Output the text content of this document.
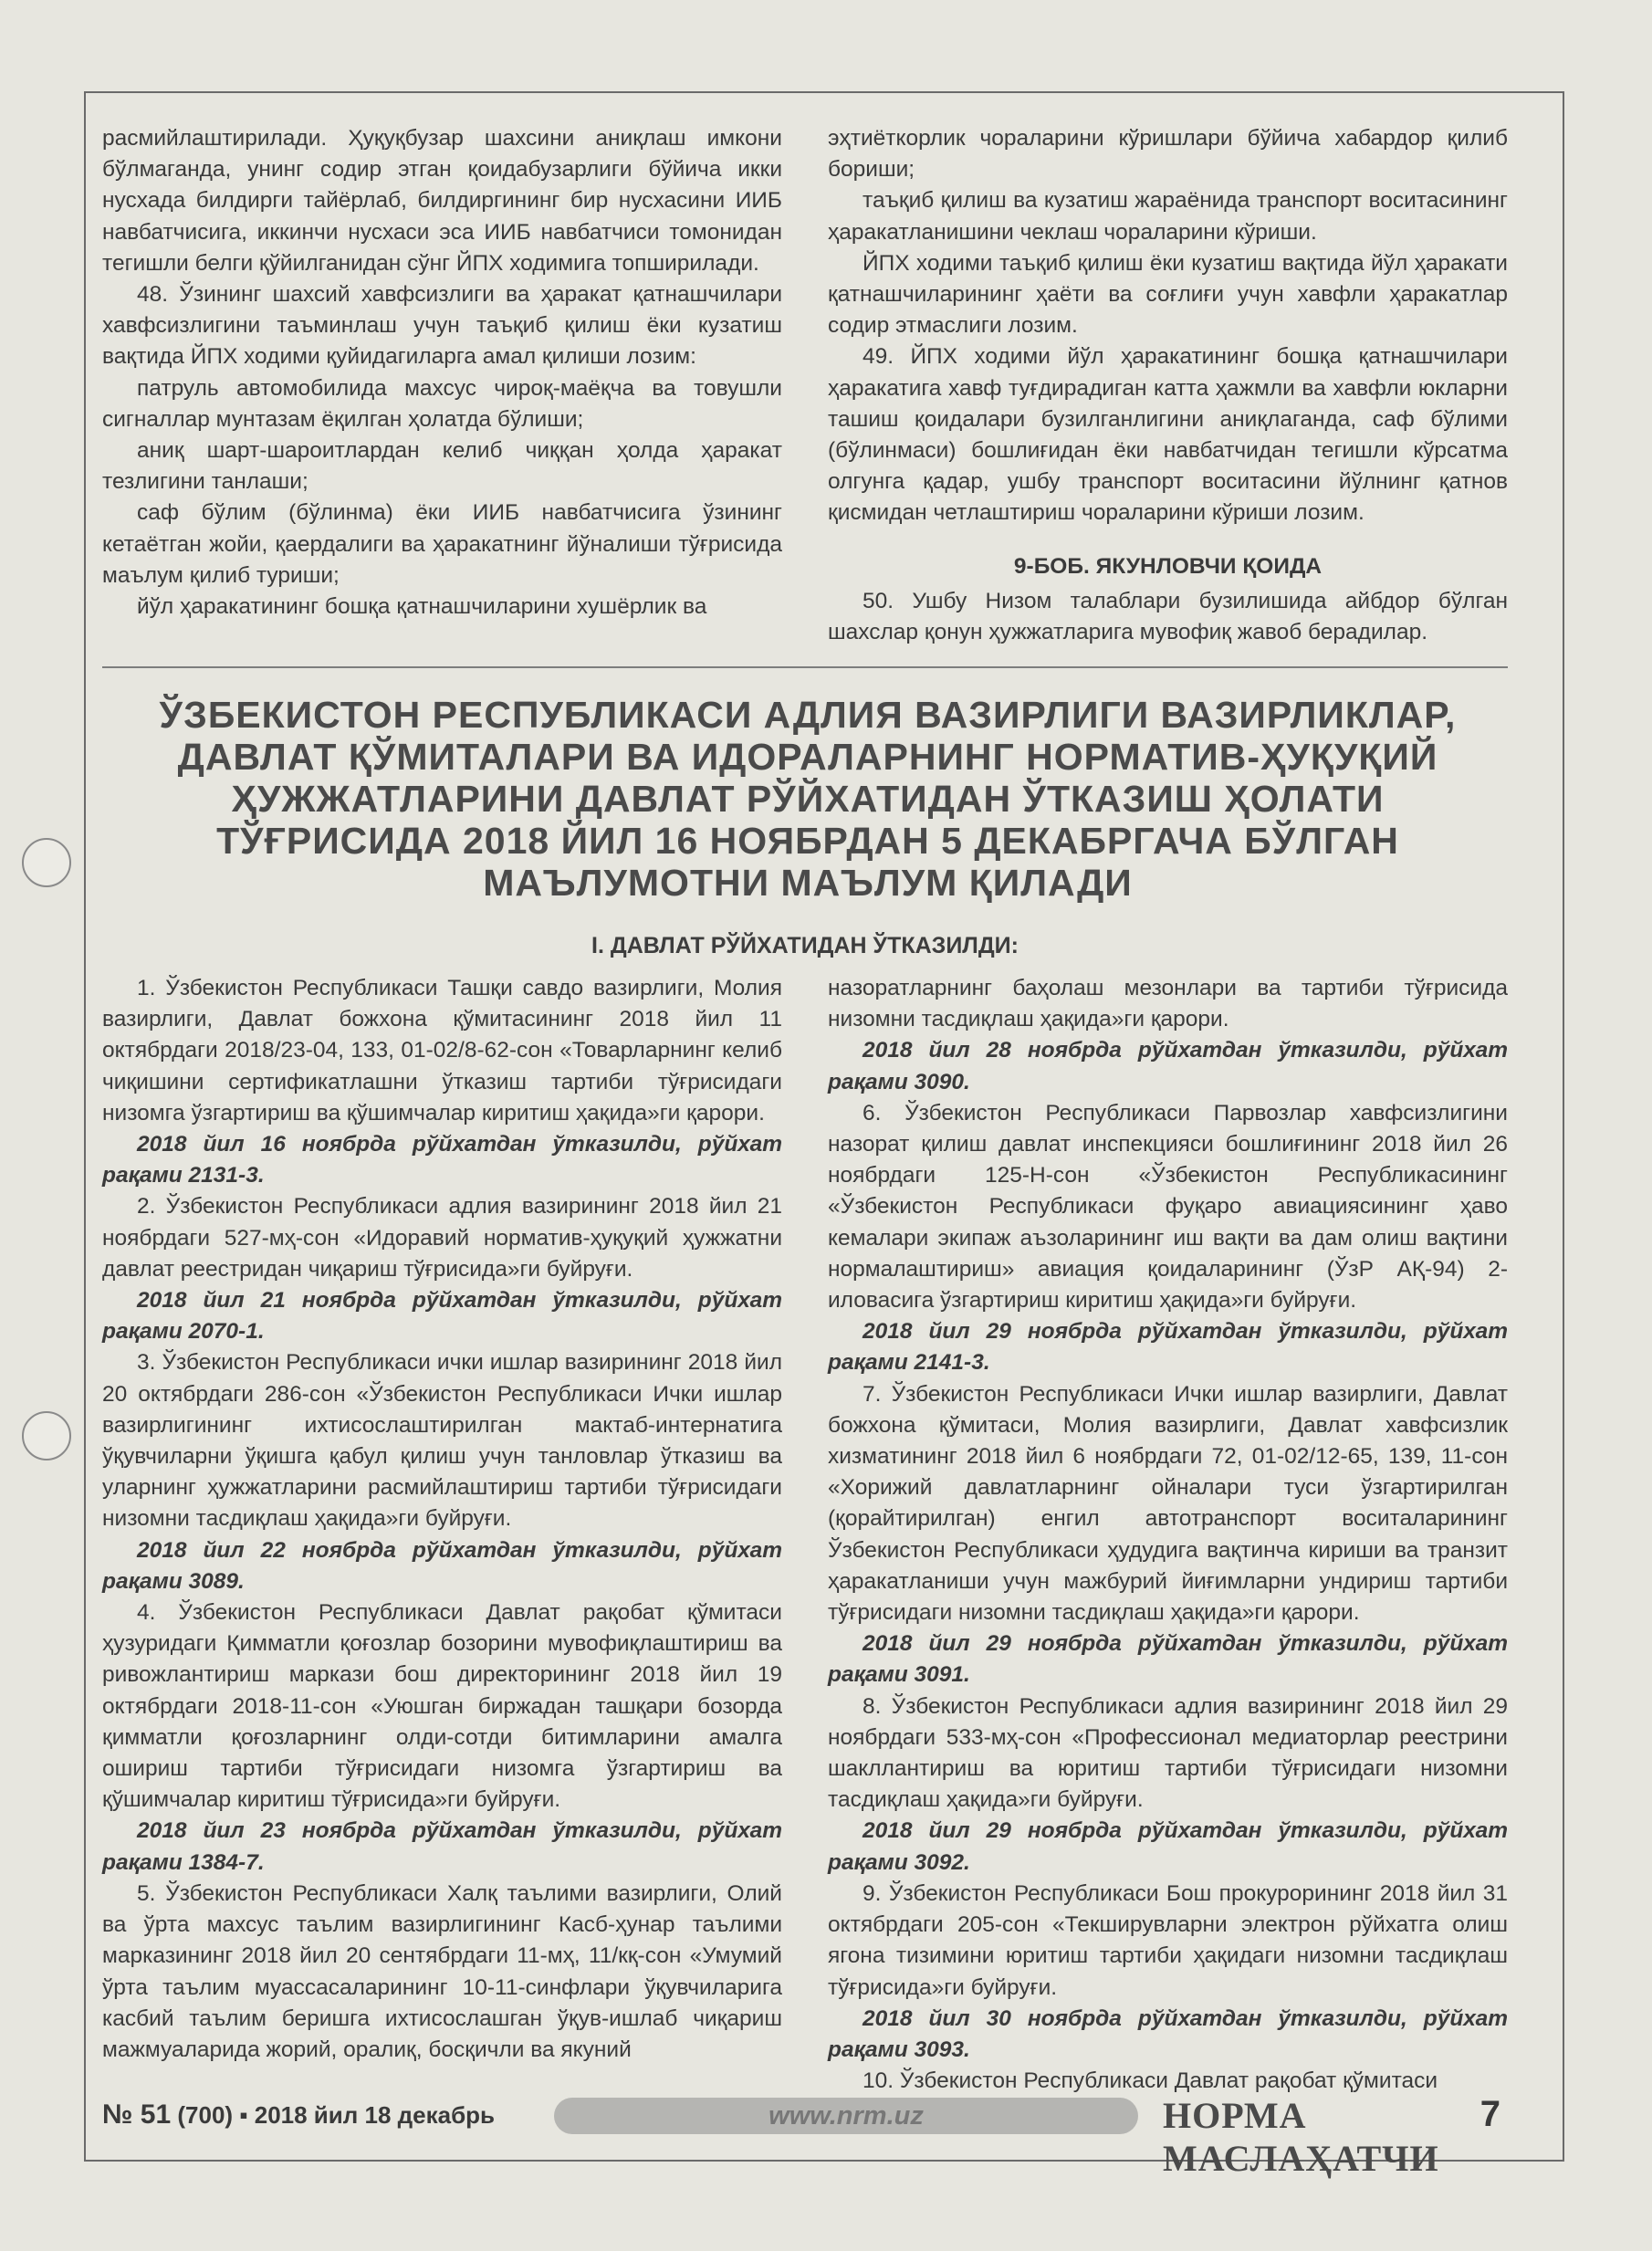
расмийлаштирилади. Ҳуқуқбузар шахсини аниқлаш имкони бўлмаганда, унинг содир этган қоидабузарлиги бўйича икки нусхада билдирги тайёрлаб, билдиргининг бир нусхасини ИИБ навбатчисига, иккинчи нусхаси эса ИИБ навбатчиси томонидан тегишли белги қўйилганидан сўнг ЙПХ ходимига топширилади.

48. Ўзининг шахсий хавфсизлиги ва ҳаракат қатнашчилари хавфсизлигини таъминлаш учун таъқиб қилиш ёки кузатиш вақтида ЙПХ ходими қуйидагиларга амал қилиши лозим:

патруль автомобилида махсус чироқ-маёқча ва товушли сигналлар мунтазам ёқилган ҳолатда бўлиши;

аниқ шарт-шароитлардан келиб чиққан ҳолда ҳаракат тезлигини танлаши;

саф бўлим (бўлинма) ёки ИИБ навбатчисига ўзининг кетаётган жойи, қаердалиги ва ҳаракатнинг йўналиши тўғрисида маълум қилиб туриши;

йўл ҳаракатининг бошқа қатнашчиларини хушёрлик ва

эҳтиёткорлик чораларини кўришлари бўйича хабардор қилиб бориши;

таъқиб қилиш ва кузатиш жараёнида транспорт воситасининг ҳаракатланишини чеклаш чораларини кўриши.

ЙПХ ходими таъқиб қилиш ёки кузатиш вақтида йўл ҳаракати қатнашчиларининг ҳаёти ва соғлиғи учун хавфли ҳаракатлар содир этмаслиги лозим.

49. ЙПХ ходими йўл ҳаракатининг бошқа қатнашчилари ҳаракатига хавф туғдирадиган катта ҳажмли ва хавфли юкларни ташиш қоидалари бузилганлигини аниқлаганда, саф бўлими (бўлинмаси) бошлиғидан ёки навбатчидан тегишли кўрсатма олгунга қадар, ушбу транспорт воситасини йўлнинг қатнов қисмидан четлаштириш чораларини кўриши лозим.

9-БОБ. ЯКУНЛОВЧИ ҚОИДА

50. Ушбу Низом талаблари бузилишида айбдор бўлган шахслар қонун ҳужжатларига мувофиқ жавоб берадилар.

ЎЗБЕКИСТОН РЕСПУБЛИКАСИ АДЛИЯ ВАЗИРЛИГИ ВАЗИРЛИКЛАР, ДАВЛАТ ҚЎМИТАЛАРИ ВА ИДОРАЛАРНИНГ НОРМАТИВ-ҲУҚУҚИЙ ҲУЖЖАТЛАРИНИ ДАВЛАТ РЎЙХАТИДАН ЎТКАЗИШ ҲОЛАТИ ТЎҒРИСИДА 2018 ЙИЛ 16 НОЯБРДАН 5 ДЕКАБРГАЧА БЎЛГАН МАЪЛУМОТНИ МАЪЛУМ ҚИЛАДИ
I. ДАВЛАТ РЎЙХАТИДАН ЎТКАЗИЛДИ:

1. Ўзбекистон Республикаси Ташқи савдо вазирлиги, Молия вазирлиги, Давлат божхона қўмитасининг 2018 йил 11 октябрдаги 2018/23-04, 133, 01-02/8-62-сон «Товарларнинг келиб чиқишини сертификатлашни ўтказиш тартиби тўғрисидаги низомга ўзгартириш ва қўшимчалар киритиш ҳақида»ги қарори.

2018 йил 16 ноябрда рўйхатдан ўтказилди, рўйхат рақами 2131-3.

2. Ўзбекистон Республикаси адлия вазирининг 2018 йил 21 ноябрдаги 527-мҳ-сон «Идоравий норматив-ҳуқуқий ҳужжатни давлат реестридан чиқариш тўғрисида»ги буйруғи.

2018 йил 21 ноябрда рўйхатдан ўтказилди, рўйхат рақами 2070-1.

3. Ўзбекистон Республикаси ички ишлар вазирининг 2018 йил 20 октябрдаги 286-сон «Ўзбекистон Республикаси Ички ишлар вазирлигининг ихтисослаштирилган мактаб-интернатига ўқувчиларни ўқишга қабул қилиш учун танловлар ўтказиш ва уларнинг ҳужжатларини расмийлаштириш тартиби тўғрисидаги низомни тасдиқлаш ҳақида»ги буйруғи.

2018 йил 22 ноябрда рўйхатдан ўтказилди, рўйхат рақами 3089.

4. Ўзбекистон Республикаси Давлат рақобат қўмитаси ҳузуридаги Қимматли қоғозлар бозорини мувофиқлаштириш ва ривожлантириш маркази бош директорининг 2018 йил 19 октябрдаги 2018-11-сон «Уюшган биржадан ташқари бозорда қимматли қоғозларнинг олди-сотди битимларини амалга ошириш тартиби тўғрисидаги низомга ўзгартириш ва қўшимчалар киритиш тўғрисида»ги буйруғи.

2018 йил 23 ноябрда рўйхатдан ўтказилди, рўйхат рақами 1384-7.

5. Ўзбекистон Республикаси Халқ таълими вазирлиги, Олий ва ўрта махсус таълим вазирлигининг Касб-ҳунар таълими марказининг 2018 йил 20 сентябрдаги 11-мҳ, 11/кқ-сон «Умумий ўрта таълим муассасаларининг 10-11-синфлари ўқувчиларига касбий таълим беришга ихтисослашган ўқув-ишлаб чиқариш мажмуаларида жорий, оралиқ, босқичли ва якуний

назоратларнинг баҳолаш мезонлари ва тартиби тўғрисида низомни тасдиқлаш ҳақида»ги қарори.

2018 йил 28 ноябрда рўйхатдан ўтказилди, рўйхат рақами 3090.

6. Ўзбекистон Республикаси Парвозлар хавфсизлигини назорат қилиш давлат инспекцияси бошлиғининг 2018 йил 26 ноябрдаги 125-Н-сон «Ўзбекистон Республикасининг «Ўзбекистон Республикаси фуқаро авиациясининг ҳаво кемалари экипаж аъзоларининг иш вақти ва дам олиш вақтини нормалаштириш» авиация қоидаларининг (ЎзР АҚ-94) 2-иловасига ўзгартириш киритиш ҳақида»ги буйруғи.

2018 йил 29 ноябрда рўйхатдан ўтказилди, рўйхат рақами 2141-3.

7. Ўзбекистон Республикаси Ички ишлар вазирлиги, Давлат божхона қўмитаси, Молия вазирлиги, Давлат хавфсизлик хизматининг 2018 йил 6 ноябрдаги 72, 01-02/12-65, 139, 11-сон «Хорижий давлатларнинг ойналари туси ўзгартирилган (қорайтирилган) енгил автотранспорт воситаларининг Ўзбекистон Республикаси ҳудудига вақтинча кириши ва транзит ҳаракатланиши учун мажбурий йиғимларни ундириш тартиби тўғрисидаги низомни тасдиқлаш ҳақида»ги қарори.

2018 йил 29 ноябрда рўйхатдан ўтказилди, рўйхат рақами 3091.

8. Ўзбекистон Республикаси адлия вазирининг 2018 йил 29 ноябрдаги 533-мҳ-сон «Профессионал медиаторлар реестрини шакллантириш ва юритиш тартиби тўғрисидаги низомни тасдиқлаш ҳақида»ги буйруғи.

2018 йил 29 ноябрда рўйхатдан ўтказилди, рўйхат рақами 3092.

9. Ўзбекистон Республикаси Бош прокурорининг 2018 йил 31 октябрдаги 205-сон «Текширувларни электрон рўйхатга олиш ягона тизимини юритиш тартиби ҳақидаги низомни тасдиқлаш тўғрисида»ги буйруғи.

2018 йил 30 ноябрда рўйхатдан ўтказилди, рўйхат рақами 3093.

10. Ўзбекистон Республикаси Давлат рақобат қўмитаси

№ 51 (700) ▪ 2018 йил 18 декабрь	www.nrm.uz	НОРМА МАСЛАҲАТЧИ
7
